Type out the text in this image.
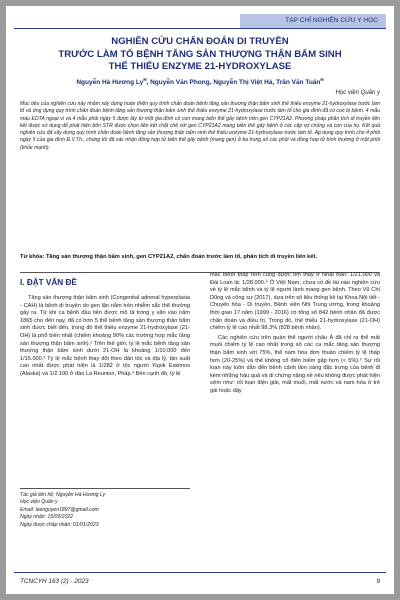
TẠP CHÍ NGHIÊN CỨU Y HỌC
NGHIÊN CỨU CHẨN ĐOÁN DI TRUYỀN
TRƯỚC LÀM TỔ BỆNH TĂNG SẢN THƯỢNG THẬN BẨM SINH
THỂ THIẾU ENZYME 21-HYDROXYLASE
Nguyễn Hà Hương Ly✉, Nguyễn Văn Phong, Nguyễn Thị Việt Hà, Trần Văn Tuấn✉
Học viện Quân y
Mục tiêu của nghiên cứu này nhằm xây dựng hoàn thiện quy trình chẩn đoán bệnh tăng sản thượng thận bẩm sinh thể thiếu enzyme 21-hydroxylase trước làm tổ và ứng dụng quy trình chẩn đoán bệnh tăng sản thượng thận bẩm sinh thể thiếu enzyme 21-hydroxylase trước làm tổ cho gia đình đã có con bị bệnh. 4 mẫu máu EDTA ngoại vi và 4 mẫu phôi ngày 5 được lấy từ một gia đình có con mang biến thể gây bệnh trên gen CYP21A2. Phương pháp phân tích di truyền liên kết được sử dụng để phát hiện bốn STR được chọn liên kết chặt chẽ với gen CYP21A2 mang biến thể gây bệnh ở các cặp vợ chồng và con của họ. Kết quả nghiên cứu đã xây dựng quy trình chẩn đoán bệnh tăng sản thượng thận bẩm sinh thể thiếu enzyme 21-hydroxylase trước làm tổ. Áp dụng quy trình cho 4 phôi ngày 5 của gia đình Đ.V.Th., chúng tôi đã xác nhận đồng hợp tử biến thể gây bệnh (mang gen) ở ba trong số các phôi và đồng hợp tử bình thường ở một phôi (khỏe mạnh).
Từ khóa: Tăng sản thượng thận bẩm sinh, gen CYP21A2, chẩn đoán trước làm tổ, phân tích di truyền liên kết.
I. ĐẶT VẤN ĐỀ

Tăng sản thượng thận bẩm sinh (Congenital adrenal hyperplasia - CAH) là bệnh di truyền do gen lặn nằm trên nhiễm sắc thể thường gây ra. Từ khi ca bệnh đầu tiên được mô tả trong y văn vào năm 1865 cho đến nay, đã có hơn 5 thể bệnh tăng sản thượng thận bẩm sinh được biết đến, trong đó thể thiếu enzyme 21-hydroxylase (21-OH) là phổ biến nhất (chiếm khoảng 90% các trường hợp mắc tăng sản thượng thận bẩm sinh).¹ Trên thế giới, tỷ lệ mắc bệnh tăng sản thượng thận bẩm sinh dưới 21-OH là khoảng 1/10.000 đến 1/15.000.² Tỷ lệ mắc bệnh thay đổi theo dân tộc và địa lý, tần suất cao nhất được phát hiện là 1/282 ở tộc người Yupik Eskimos (Alaska) và 1/2.100 ở đảo La Reunion, Pháp.³ Bên cạnh đó, tỷ lệ

mắc bệnh thấp hơn cũng được tìm thấy ở Nhật Bản: 1/21.000 và Đài Loan là: 1/28.000.⁴ Ở Việt Nam, chưa có đề tài nào nghiên cứu về tỷ lệ mắc bệnh và tỷ lệ người lành mang gen bệnh. Theo Vũ Chí Dũng và cộng sự (2017), dựa trên số liệu thống kê tại Khoa Nội tiết - Chuyển hóa - Di truyền, Bệnh viện Nhi Trung ương, trong khoảng thời gian 17 năm (1999 - 2016) có tổng số 842 bệnh nhân đã được chẩn đoán và điều trị. Trong đó, thể thiếu 21-hydroxylase (21-OH) chiếm tỷ lệ cao nhất 98,3% (828 bệnh nhân).

Các nghiên cứu trên quần thể người châu Á đã chỉ ra thể mất muối chiếm tỷ lệ cao nhất trong số các ca mắc tăng sản thượng thận bẩm sinh với 75%, thể nam hóa đơn thuần chiếm tỷ lệ thấp hơn (20-25%) và thể không cổ điển hiếm gặp hơn (< 5%).⁵ Sự rối loạn này luôn dẫn đến bệnh cảnh lâm sàng đặc trưng của bệnh đi kèm những hậu quả và di chứng nặng nề nếu không được phát hiện sớm như: rối loạn điện giải, mất muối, mất nước và nam hóa ở trẻ gái hoặc dậy

Tác giả liên hệ: Nguyễn Hà Hương Ly
Học viện Quân y
Email: leenguyen1897@gmail.com
Ngày nhận: 15/09/2022
Ngày được chấp nhận: 01/01/2023
TCNCYH 163 (2) - 2023	9
